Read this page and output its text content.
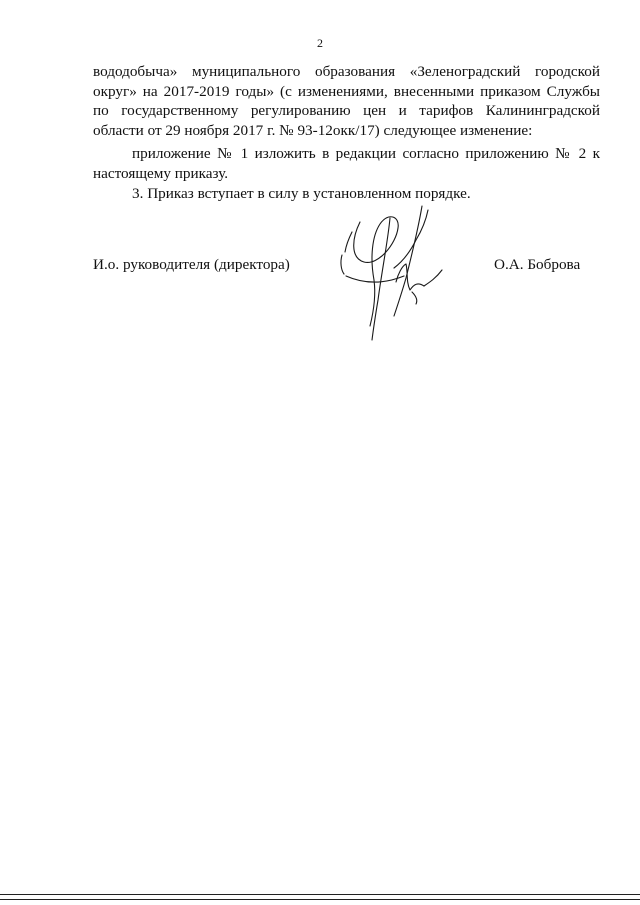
2
вододобыча» муниципального образования «Зеленоградский городской
округ» на 2017-2019 годы» (с изменениями, внесенными приказом Службы
по государственному регулированию цен и тарифов Калининградской
области от 29 ноября 2017 г. № 93-12окк/17) следующее изменение:
приложение № 1 изложить в редакции согласно приложению № 2 к
настоящему приказу.
3. Приказ вступает в силу в установленном порядке.
И.о. руководителя (директора)	О.А. Боброва
